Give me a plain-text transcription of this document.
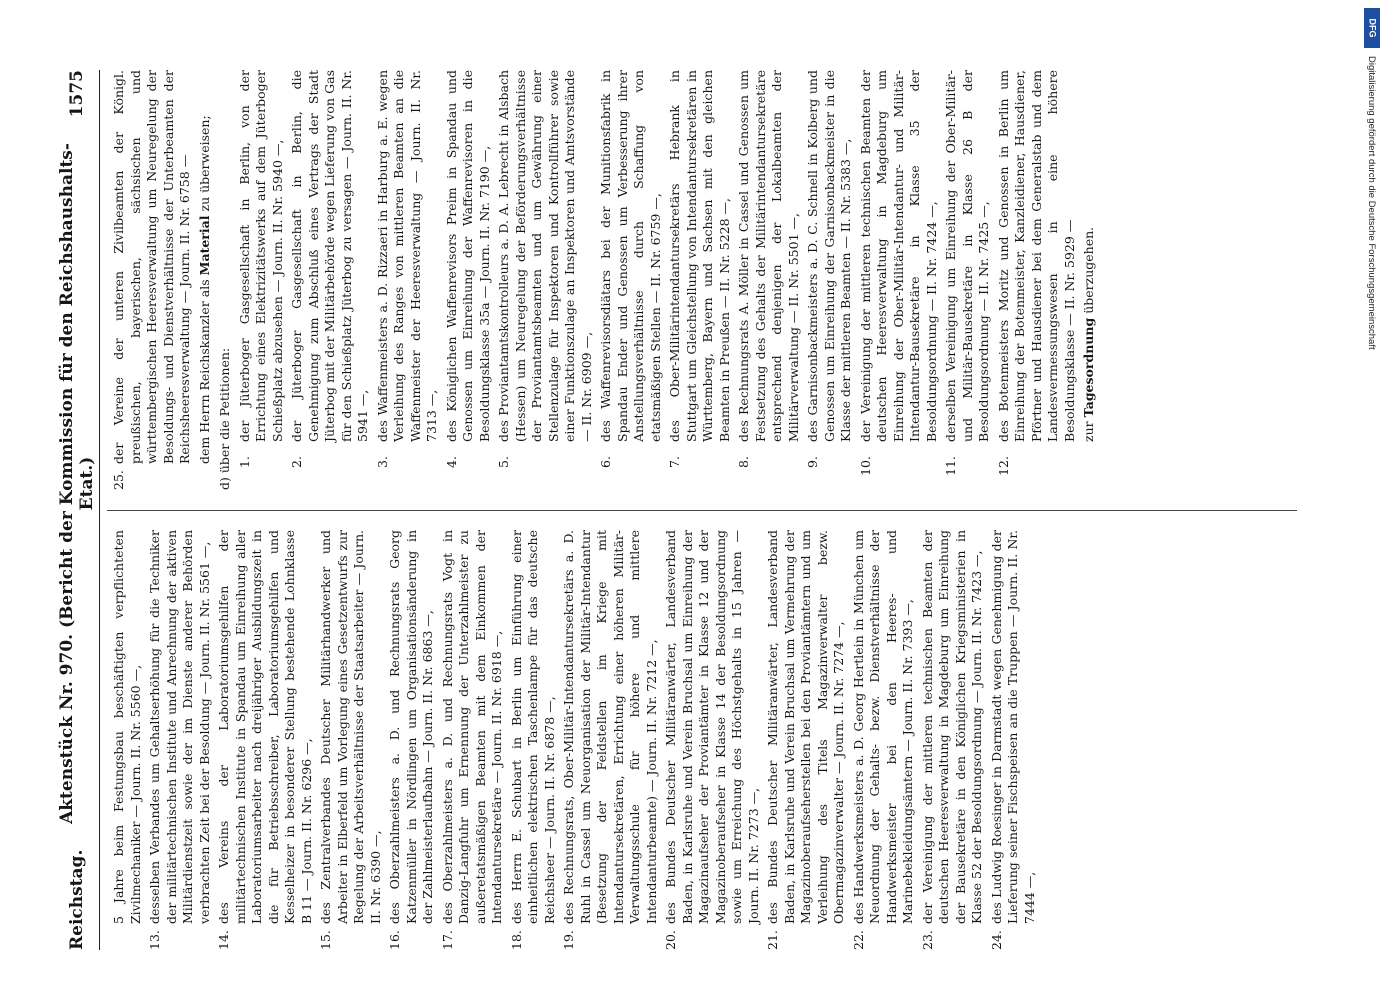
Reichstag.
Aktenstück Nr. 970. (Bericht der Kommission für den Reichshaushalts-Etat.)
1575
5 Jahre beim Festungsbau beschäftigten verpflichteten Zivilmechaniker — Journ. II. Nr. 5560 —,
13.
desselben Verbandes um Gehaltserhöhung für die Techniker der militärtechnischen Institute und Anrechnung der aktiven Militärdienstzeit sowie der im Dienste anderer Behörden verbrachten Zeit bei der Besoldung — Journ. II. Nr. 5561 —,
14.
des Vereins der Laboratoriumsgehilfen der militärtechnischen Institute in Spandau um Einreihung aller Laboratoriumsarbeiter nach dreijähriger Ausbildungszeit in die für Betriebsschreiber, Laboratoriumsgehilfen und Kesselheizer in besonderer Stellung bestehende Lohnklasse B 11 — Journ. II. Nr. 6296 —,
15.
des Zentralverbandes Deutscher Militärhandwerker und Arbeiter in Elberfeld um Vorlegung eines Gesetzentwurfs zur Regelung der Arbeitsverhältnisse der Staatsarbeiter — Journ. II. Nr. 6390 —,
16.
des Oberzahlmeisters a. D. und Rechnungsrats Georg Katzenmüller in Nördlingen um Organisationsänderung in der Zahlmeisterlaufbahn — Journ. II. Nr. 6863 —,
17.
des Oberzahlmeisters a. D. und Rechnungsrats Vogt in Danzig-Langfuhr um Ernennung der Unterzahlmeister zu außeretatsmäßigen Beamten mit dem Einkommen der Intendantursekretäre — Journ. II. Nr. 6918 —,
18.
des Herrn E. Schubart in Berlin um Einführung einer einheitlichen elektrischen Taschenlampe für das deutsche Reichsheer — Journ. II. Nr. 6878 —,
19.
des Rechnungsrats, Ober-Militär-Intendantursekretärs a. D. Ruhl in Cassel um Neuorganisation der Militär-Intendantur (Besetzung der Feldstellen im Kriege mit Intendantursekretären, Errichtung einer höheren Militär-Verwaltungsschule für höhere und mittlere Intendanturbeamte) — Journ. II. Nr. 7212 —,
20.
des Bundes Deutscher Militäranwärter, Landesverband Baden, in Karlsruhe und Verein Bruchsal um Einreihung der Magazinaufseher der Proviantämter in Klasse 12 und der Magazinoberaufseher in Klasse 14 der Besoldungsordnung sowie um Erreichung des Höchstgehalts in 15 Jahren — Journ. II. Nr. 7273 —,
21.
des Bundes Deutscher Militäranwärter, Landesverband Baden, in Karlsruhe und Verein Bruchsal um Vermehrung der Magazinoberaufseherstellen bei den Proviantämtern und um Verleihung des Titels Magazinverwalter bezw. Obermagazinverwalter — Journ. II. Nr. 7274 —,
22.
des Handwerksmeisters a. D. Georg Hertlein in München um Neuordnung der Gehalts- bezw. Dienstverhältnisse der Handwerksmeister bei den Heeres- und Marinebekleidungsämtern — Journ. II. Nr. 7393 —,
23.
der Vereinigung der mittleren technischen Beamten der deutschen Heeresverwaltung in Magdeburg um Einreihung der Bausekretäre in den Königlichen Kriegsministerien in Klasse 52 der Besoldungsordnung — Journ. II. Nr. 7423 —,
24.
des Ludwig Roesinger in Darmstadt wegen Genehmigung der Lieferung seiner Fischspeisen an die Truppen — Journ. II. Nr. 7444 —,
25.
der Vereine der unteren Zivilbeamten der Königl. preußischen, bayerischen, sächsischen und württembergischen Heeresverwaltung um Neuregelung der Besoldungs- und Dienstverhältnisse der Unterbeamten der Reichsheeresverwaltung — Journ. II. Nr. 6758 — dem Herrn Reichskanzler als Material zu überweisen;
d) über die Petitionen: 1.
der Jüterboger Gasgesellschaft in Berlin, von der Errichtung eines Elektrizitätswerks auf dem Jüterboger Schießplatz abzusehen — Journ. II. Nr. 5940 —,
2.
der Jüterboger Gasgesellschaft in Berlin, die Genehmigung zum Abschluß eines Vertrags der Stadt Jüterbog mit der Militärbehörde wegen Lieferung von Gas für den Schießplatz Jüterbog zu versagen — Journ. II. Nr. 5941 —,
3.
des Waffenmeisters a. D. Rizzaeri in Harburg a. E. wegen Verleihung des Ranges von mittleren Beamten an die Waffenmeister der Heeresverwaltung — Journ. II. Nr. 7313 —,
4.
des Königlichen Waffenrevisors Preim in Spandau und Genossen um Einreihung der Waffenrevisoren in die Besoldungsklasse 35a — Journ. II. Nr. 7190 —,
5.
des Proviantamtskontrolleurs a. D. A. Lebrecht in Alsbach (Hessen) um Neuregelung der Beförderungsverhältnisse der Proviantamtsbeamten und um Gewährung einer Stellenzulage für Inspektoren und Kontrollführer sowie einer Funktionszulage an Inspektoren und Amtsvorstände — II. Nr. 6909 —,
6.
des Waffenrevisorsdiätars bei der Munitionsfabrik in Spandau Ender und Genossen um Verbesserung ihrer Anstellungsverhältnisse durch Schaffung von etatsmäßigen Stellen — II. Nr. 6759 —,
7.
des Ober-Militärintendantursekretärs Hebrank in Stuttgart um Gleichstellung von Intendantursekretären in Württemberg, Bayern und Sachsen mit den gleichen Beamten in Preußen — II. Nr. 5228 —,
8.
des Rechnungsrats A. Möller in Cassel und Genossen um Festsetzung des Gehalts der Militärintendantursekretäre entsprechend denjenigen der Lokalbeamten der Militärverwaltung — II. Nr. 5501 —,
9.
des Garnisonbackmeisters a. D. C. Schnell in Kolberg und Genossen um Einreihung der Garnisonbackmeister in die Klasse der mittleren Beamten — II. Nr. 5383 —,
10.
der Vereinigung der mittleren technischen Beamten der deutschen Heeresverwaltung in Magdeburg um Einreihung der Ober-Militär-Intendantur- und Militär-Intendantur-Bausekretäre in Klasse 35 der Besoldungsordnung — II. Nr. 7424 —,
11.
derselben Vereinigung um Einreihung der Ober-Militär- und Militär-Bausekretäre in Klasse 26 B der Besoldungsordnung — II. Nr. 7425 —,
12.
des Botenmeisters Moritz und Genossen in Berlin um Einreihung der Botenmeister, Kanzleidiener, Hausdiener, Pförtner und Hausdiener bei dem Generalstab und dem Landesvermessungswesen in eine höhere Besoldungsklasse — II. Nr. 5929 — zur Tagesordnung überzugehen.
DFG
Digitalisierung gefördert durch die Deutsche Forschungsgemeinschaft
